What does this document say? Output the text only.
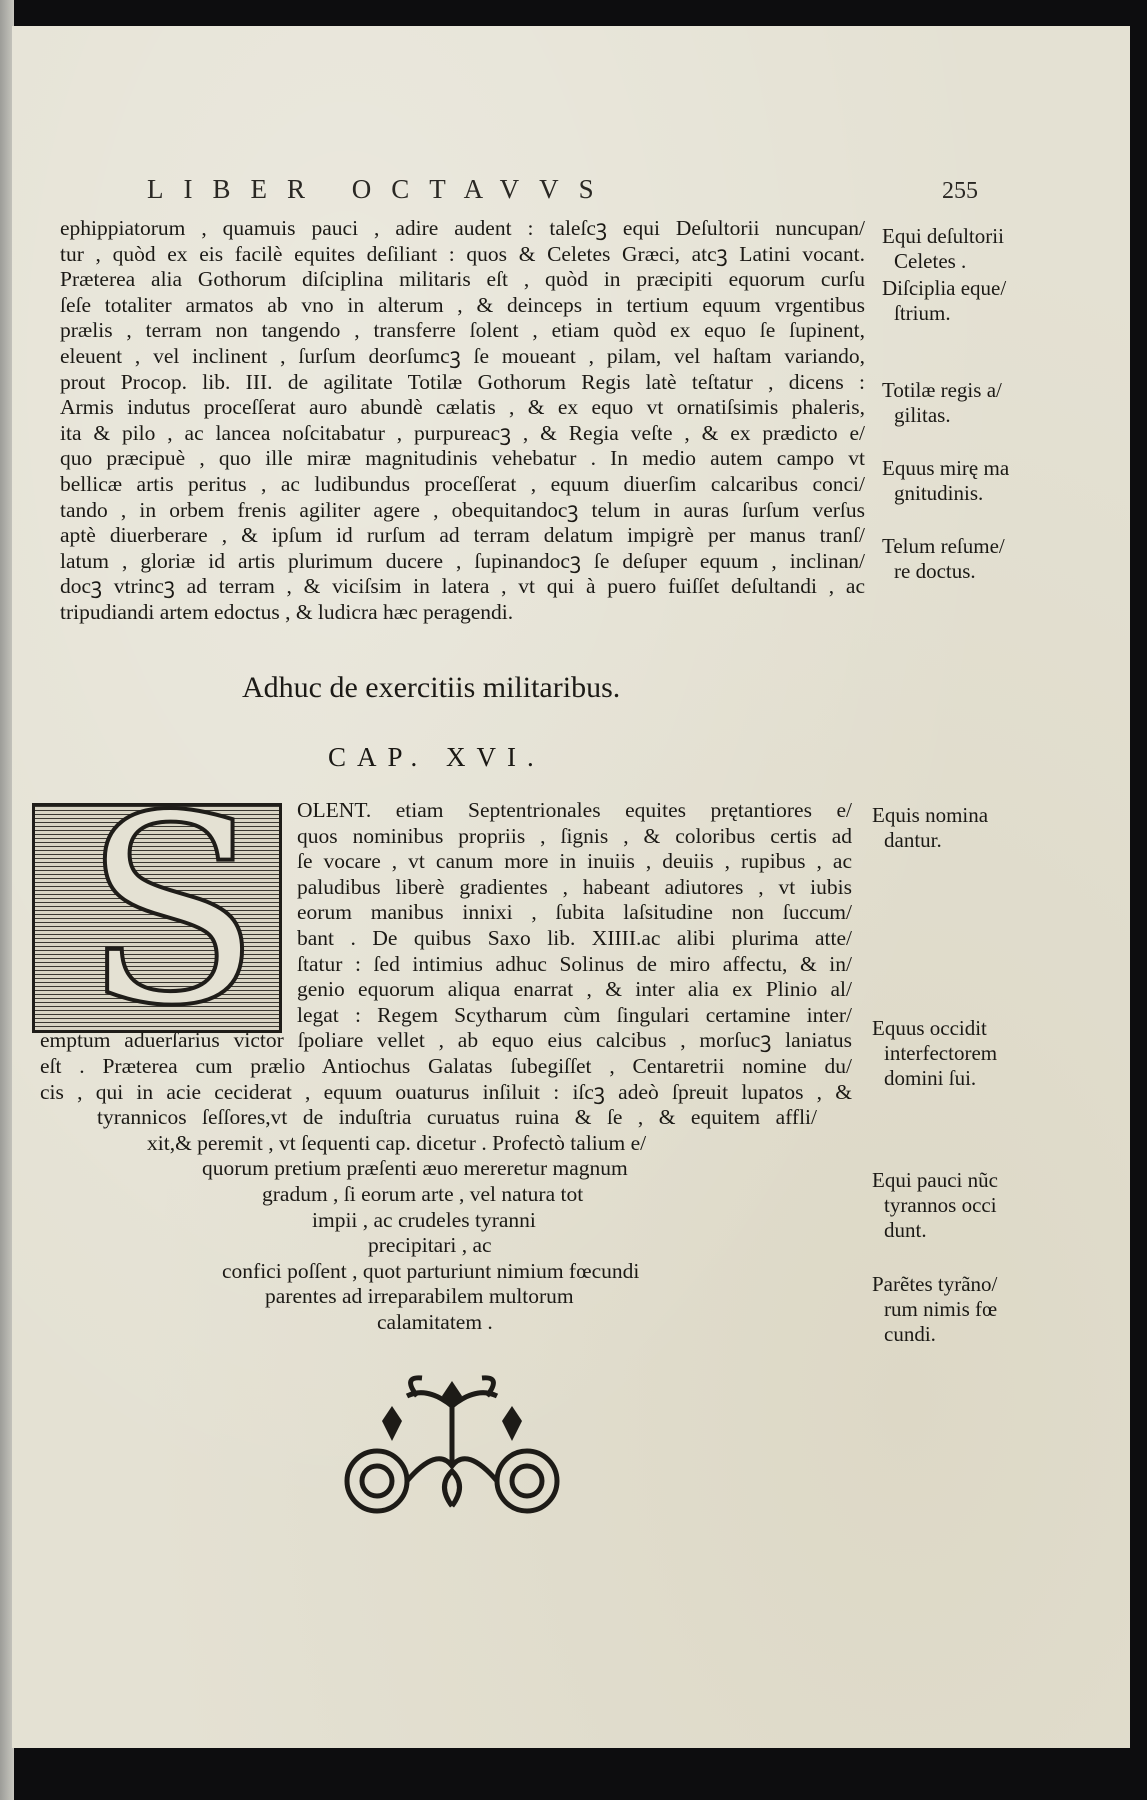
LIBER OCTAVVS	255
ephippiatorum , quamuis pauci , adire audent : taleſcꝫ equi Deſultorii nuncupan/
tur , quòd ex eis facilè equites deſiliant : quos & Celetes Græci, atcꝫ Latini vocant.
Præterea alia Gothorum diſciplina militaris eſt , quòd in præcipiti equorum curſu
ſeſe totaliter armatos ab vno in alterum , & deinceps in tertium equum vrgentibus
prælis , terram non tangendo , transferre ſolent , etiam quòd ex equo ſe ſupinent,
eleuent , vel inclinent , ſurſum deorſumcꝫ ſe moueant , pilam, vel haſtam variando,
prout Procop. lib. III. de agilitate Totilæ Gothorum Regis latè teſtatur , dicens :
Armis indutus proceſſerat auro abundè cælatis , & ex equo vt ornatiſsimis phaleris,
ita & pilo , ac lancea noſcitabatur , purpureacꝫ , & Regia veſte , & ex prædicto e/
quo præcipuè , quo ille miræ magnitudinis vehebatur . In medio autem campo vt
bellicæ artis peritus , ac ludibundus proceſſerat , equum diuerſim calcaribus conci/
tando , in orbem frenis agiliter agere , obequitandocꝫ telum in auras ſurſum verſus
aptè diuerberare , & ipſum id rurſum ad terram delatum impigrè per manus tranſ/
latum , gloriæ id artis plurimum ducere , ſupinandocꝫ ſe deſuper equum , inclinan/
docꝫ vtrincꝫ ad terram , & viciſsim in latera , vt qui à puero fuiſſet deſultandi , ac
tripudiandi artem edoctus , & ludicra hæc peragendi.
Equi deſultorii
Celetes .
Diſciplia eque/
ſtrium.
Totilæ regis a/
gilitas.
Equus mirę ma
gnitudinis.
Telum reſume/
re doctus.
Adhuc de exercitiis militaribus.
CAP. XVI.
S OLENT. etiam Septentrionales equites prętantiores e/
quos nominibus propriis , ſignis , & coloribus certis ad
ſe vocare , vt canum more in inuiis , deuiis , rupibus , ac
paludibus liberè gradientes , habeant adiutores , vt iubis
eorum manibus innixi , ſubita laſsitudine non ſuccum/
bant . De quibus Saxo lib. XIIII.ac alibi plurima atte/
ſtatur : ſed intimius adhuc Solinus de miro affectu, & in/
genio equorum aliqua enarrat , & inter alia ex Plinio al/
legat : Regem Scytharum cùm ſingulari certamine inter/
emptum aduerſarius victor ſpoliare vellet , ab equo eius calcibus , morſucꝫ laniatus
eſt . Præterea cum prælio Antiochus Galatas ſubegiſſet , Centaretrii nomine du/
cis , qui in acie ceciderat , equum ouaturus inſiluit : iſcꝫ adeò ſpreuit lupatos , &
tyrannicos ſeſſores,vt de induſtria curuatus ruina & ſe , & equitem affli/
xit,& peremit , vt ſequenti cap. dicetur . Profectò talium e/
quorum pretium præſenti æuo mereretur magnum
gradum , ſi eorum arte , vel natura tot
impii , ac crudeles tyranni
precipitari , ac
confici poſſent , quot parturiunt nimium fœcundi
parentes ad irreparabilem multorum
calamitatem .
Equis nomina
dantur.
Equus occidit
interfectorem
domini ſui.
Equi pauci nũc
tyrannos occi
dunt.
Parẽtes tyrãno/
rum nimis fœ
cundi.
